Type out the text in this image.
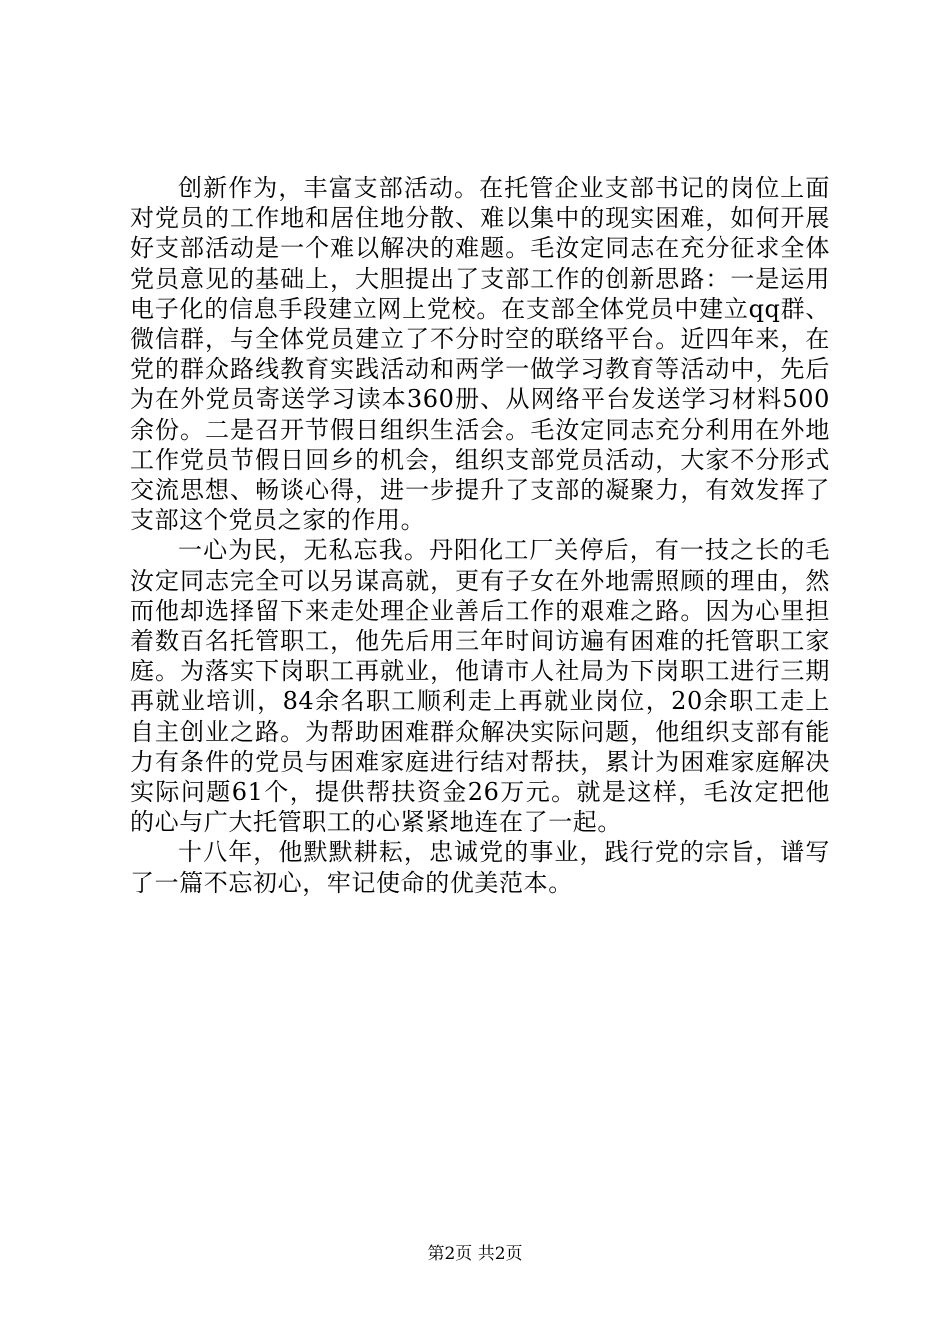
创新作为，丰富支部活动。在托管企业支部书记的岗位上面对党员的工作地和居住地分散、难以集中的现实困难，如何开展好支部活动是一个难以解决的难题。毛汝定同志在充分征求全体党员意见的基础上，大胆提出了支部工作的创新思路：一是运用电子化的信息手段建立网上党校。在支部全体党员中建立qq群、微信群，与全体党员建立了不分时空的联络平台。近四年来，在党的群众路线教育实践活动和两学一做学习教育等活动中，先后为在外党员寄送学习读本360册、从网络平台发送学习材料500余份。二是召开节假日组织生活会。毛汝定同志充分利用在外地工作党员节假日回乡的机会，组织支部党员活动，大家不分形式交流思想、畅谈心得，进一步提升了支部的凝聚力，有效发挥了支部这个党员之家的作用。

一心为民，无私忘我。丹阳化工厂关停后，有一技之长的毛汝定同志完全可以另谋高就，更有子女在外地需照顾的理由，然而他却选择留下来走处理企业善后工作的艰难之路。因为心里担着数百名托管职工，他先后用三年时间访遍有困难的托管职工家庭。为落实下岗职工再就业，他请市人社局为下岗职工进行三期再就业培训，84余名职工顺利走上再就业岗位，20余职工走上自主创业之路。为帮助困难群众解决实际问题，他组织支部有能力有条件的党员与困难家庭进行结对帮扶，累计为困难家庭解决实际问题61个，提供帮扶资金26万元。就是这样，毛汝定把他的心与广大托管职工的心紧紧地连在了一起。

十八年，他默默耕耘，忠诚党的事业，践行党的宗旨，谱写了一篇不忘初心，牢记使命的优美范本。

第2页 共2页
